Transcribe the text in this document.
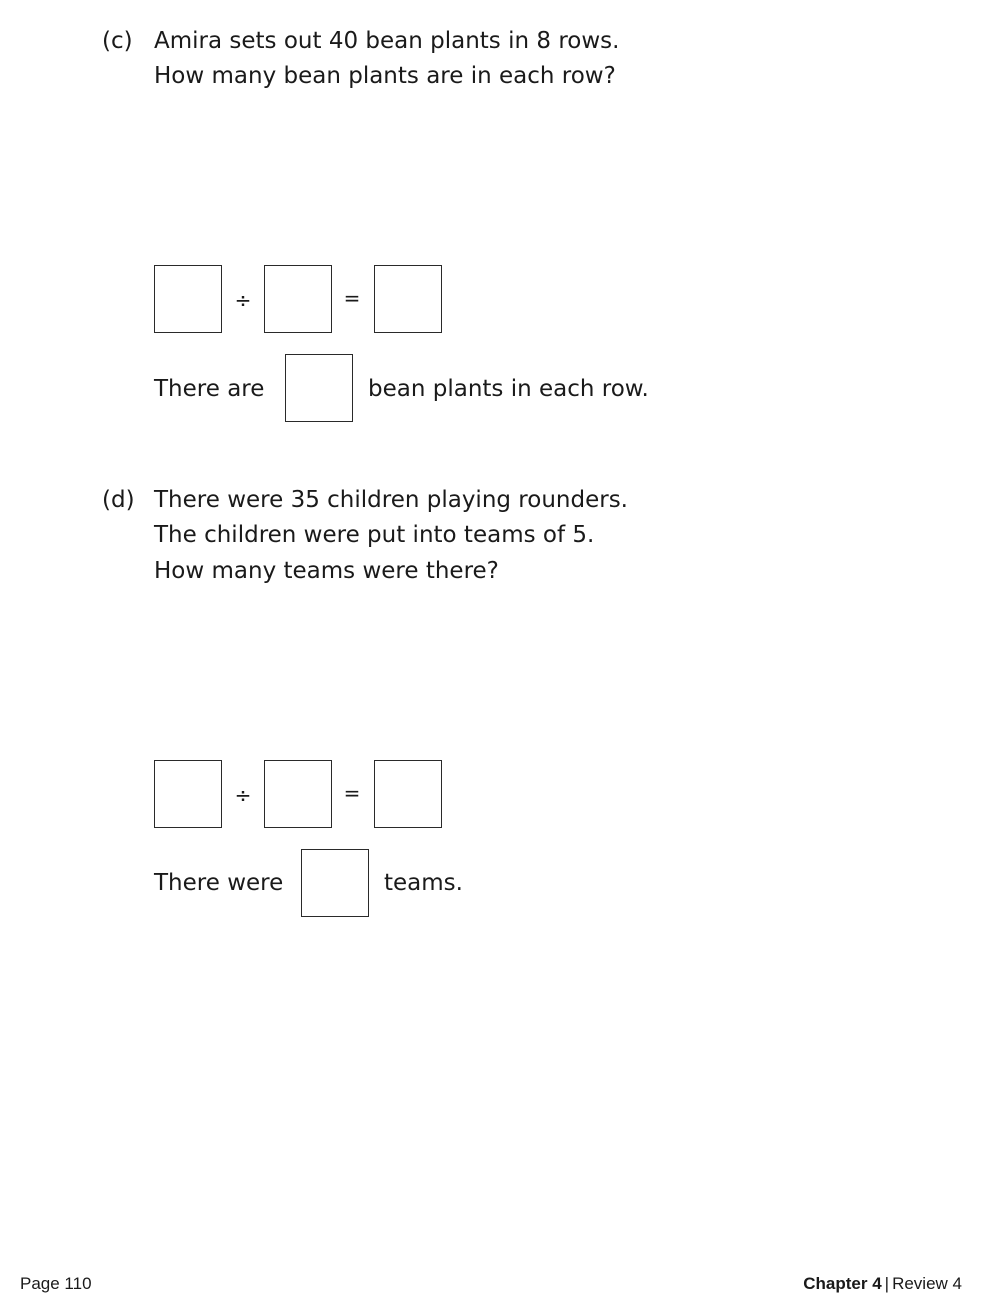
(c) Amira sets out 40 bean plants in 8 rows.
How many bean plants are in each row?
÷	=
There are	bean plants in each row.
(d) There were 35 children playing rounders.
The children were put into teams of 5.
How many teams were there?
÷	=
There were	teams.
Page 110	Chapter 4 | Review 4
